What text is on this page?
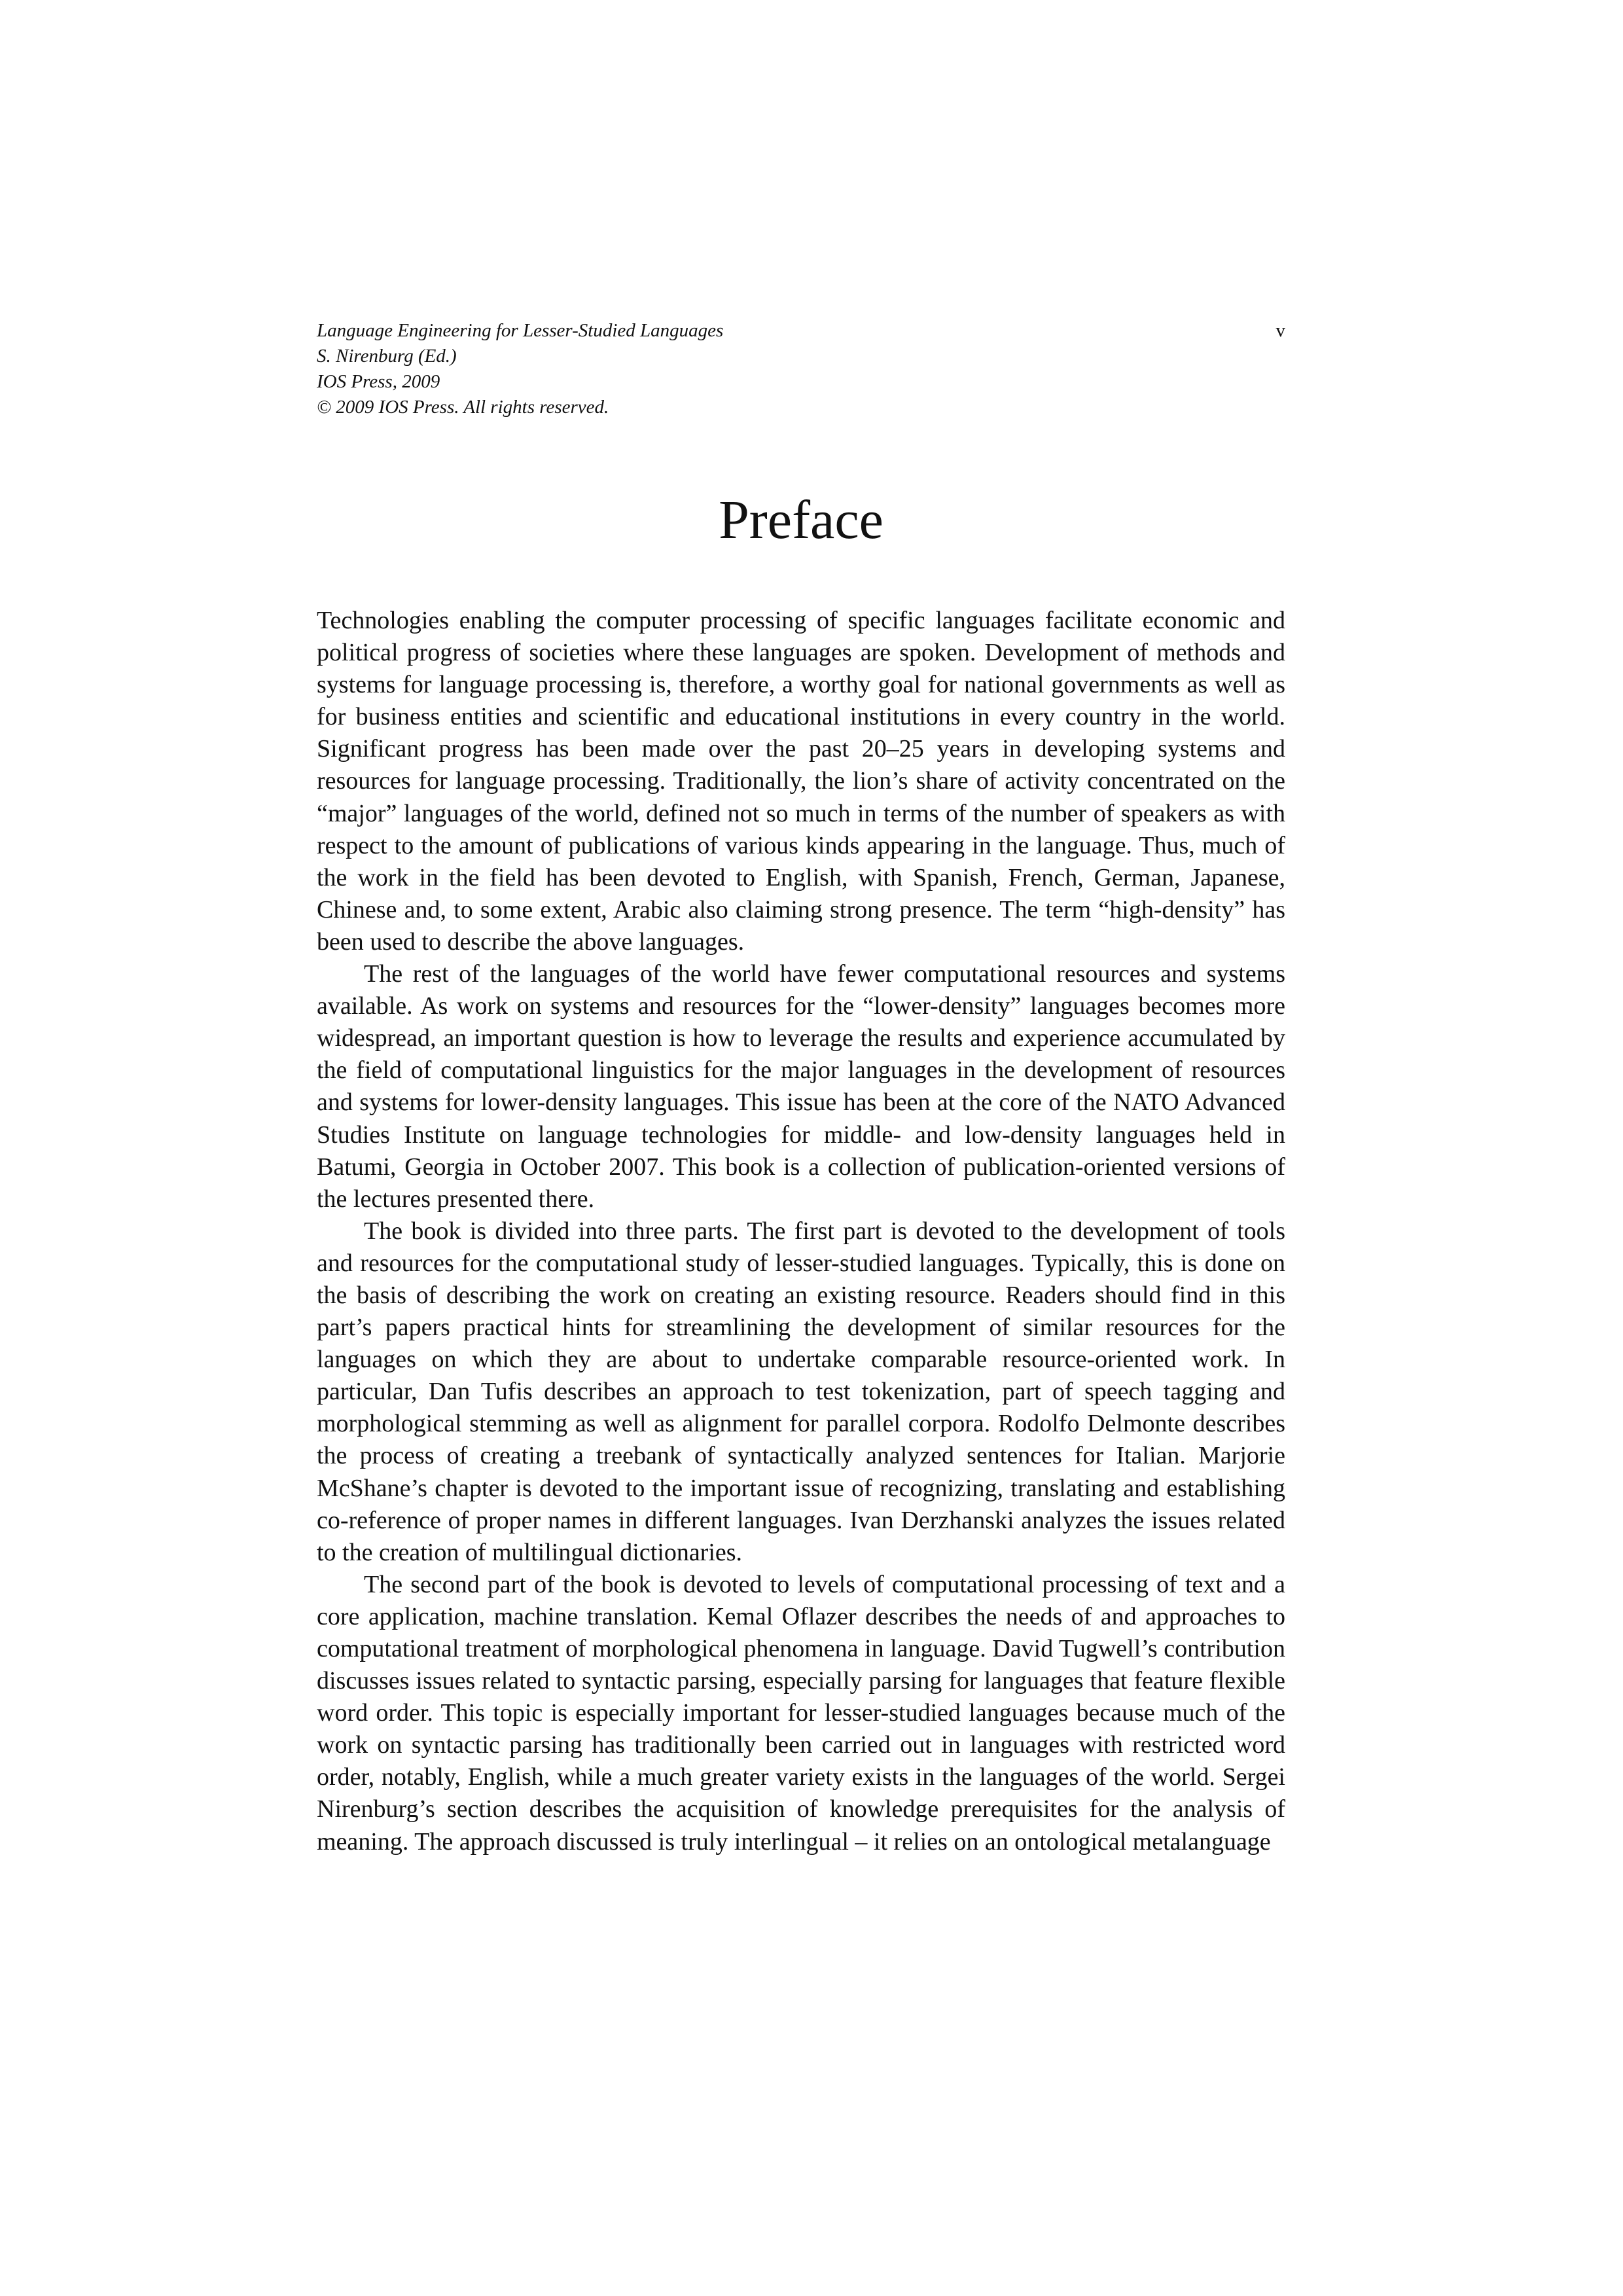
Language Engineering for Lesser-Studied Languages
S. Nirenburg (Ed.)
IOS Press, 2009
© 2009 IOS Press. All rights reserved.
v
Preface

Technologies enabling the computer processing of specific languages facilitate economic and political progress of societies where these languages are spoken. Development of methods and systems for language processing is, therefore, a worthy goal for national governments as well as for business entities and scientific and educational institutions in every country in the world. Significant progress has been made over the past 20–25 years in developing systems and resources for language processing. Traditionally, the lion’s share of activity concentrated on the “major” languages of the world, defined not so much in terms of the number of speakers as with respect to the amount of publications of various kinds appearing in the language. Thus, much of the work in the field has been devoted to English, with Spanish, French, German, Japanese, Chinese and, to some extent, Arabic also claiming strong presence. The term “high-density” has been used to describe the above languages.

The rest of the languages of the world have fewer computational resources and systems available. As work on systems and resources for the “lower-density” languages becomes more widespread, an important question is how to leverage the results and experience accumulated by the field of computational linguistics for the major languages in the development of resources and systems for lower-density languages. This issue has been at the core of the NATO Advanced Studies Institute on language technologies for middle- and low-density languages held in Batumi, Georgia in October 2007. This book is a collection of publication-oriented versions of the lectures presented there.

The book is divided into three parts. The first part is devoted to the development of tools and resources for the computational study of lesser-studied languages. Typically, this is done on the basis of describing the work on creating an existing resource. Readers should find in this part’s papers practical hints for streamlining the development of similar resources for the languages on which they are about to undertake comparable resource-oriented work. In particular, Dan Tufis describes an approach to test tokenization, part of speech tagging and morphological stemming as well as alignment for parallel corpora. Rodolfo Delmonte describes the process of creating a treebank of syntactically analyzed sentences for Italian. Marjorie McShane’s chapter is devoted to the important issue of recognizing, translating and establishing co-reference of proper names in different languages. Ivan Derzhanski analyzes the issues related to the creation of multilingual dictionaries.

The second part of the book is devoted to levels of computational processing of text and a core application, machine translation. Kemal Oflazer describes the needs of and approaches to computational treatment of morphological phenomena in language. David Tugwell’s contribution discusses issues related to syntactic parsing, especially parsing for languages that feature flexible word order. This topic is especially important for lesser-studied languages because much of the work on syntactic parsing has traditionally been carried out in languages with restricted word order, notably, English, while a much greater variety exists in the languages of the world. Sergei Nirenburg’s section describes the acquisition of knowledge prerequisites for the analysis of meaning. The approach discussed is truly interlingual – it relies on an ontological metalanguage
